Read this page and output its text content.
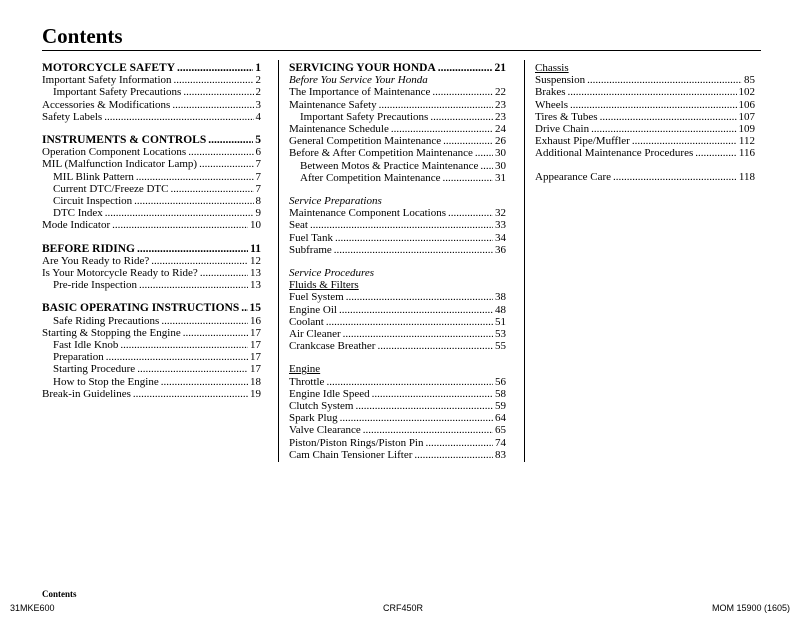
Contents
MOTORCYCLE SAFETY .....	1
Important Safety Information .....	2
Important Safety Precautions .....	2
Accessories & Modifications .....	3
Safety Labels .....	4
INSTRUMENTS & CONTROLS .....	5
Operation Component Locations .....	6
MIL (Malfunction Indicator Lamp) .....	7
MIL Blink Pattern .....	7
Current DTC/Freeze DTC .....	7
Circuit Inspection .....	8
DTC Index .....	9
Mode Indicator .....	10
BEFORE RIDING .....	11
Are You Ready to Ride? .....	12
Is Your Motorcycle Ready to Ride? .....	13
Pre-ride Inspection .....	13
BASIC OPERATING INSTRUCTIONS ..... 15
Safe Riding Precautions .....	16
Starting & Stopping the Engine .....	17
Fast Idle Knob .....	17
Preparation .....	17
Starting Procedure .....	17
How to Stop the Engine .....	18
Break-in Guidelines .....	19
SERVICING YOUR HONDA .....	21
Before You Service Your Honda
The Importance of Maintenance .....	22
Maintenance Safety .....	23
Important Safety Precautions .....	23
Maintenance Schedule .....	24
General Competition Maintenance .....	26
Before & After Competition Maintenance ..... 30
Between Motos & Practice Maintenance ..... 30
After Competition Maintenance .....	31
Service Preparations
Maintenance Component Locations .....	32
Seat .....	33
Fuel Tank .....	34
Subframe .....	36
Service Procedures
Fluids & Filters
Fuel System .....	38
Engine Oil .....	48
Coolant .....	51
Air Cleaner .....	53
Crankcase Breather .....	55
Engine
Throttle .....	56
Engine Idle Speed .....	58
Clutch System .....	59
Spark Plug .....	64
Valve Clearance .....	65
Piston/Piston Rings/Piston Pin .....	74
Cam Chain Tensioner Lifter .....	83
Chassis
Suspension .....	85
Brakes .....	102
Wheels .....	106
Tires & Tubes .....	107
Drive Chain .....	109
Exhaust Pipe/Muffler .....	112
Additional Maintenance Procedures .....	116
Appearance Care .....	118
Contents
31MKE600	CRF450R	MOM 15900 (1605)
